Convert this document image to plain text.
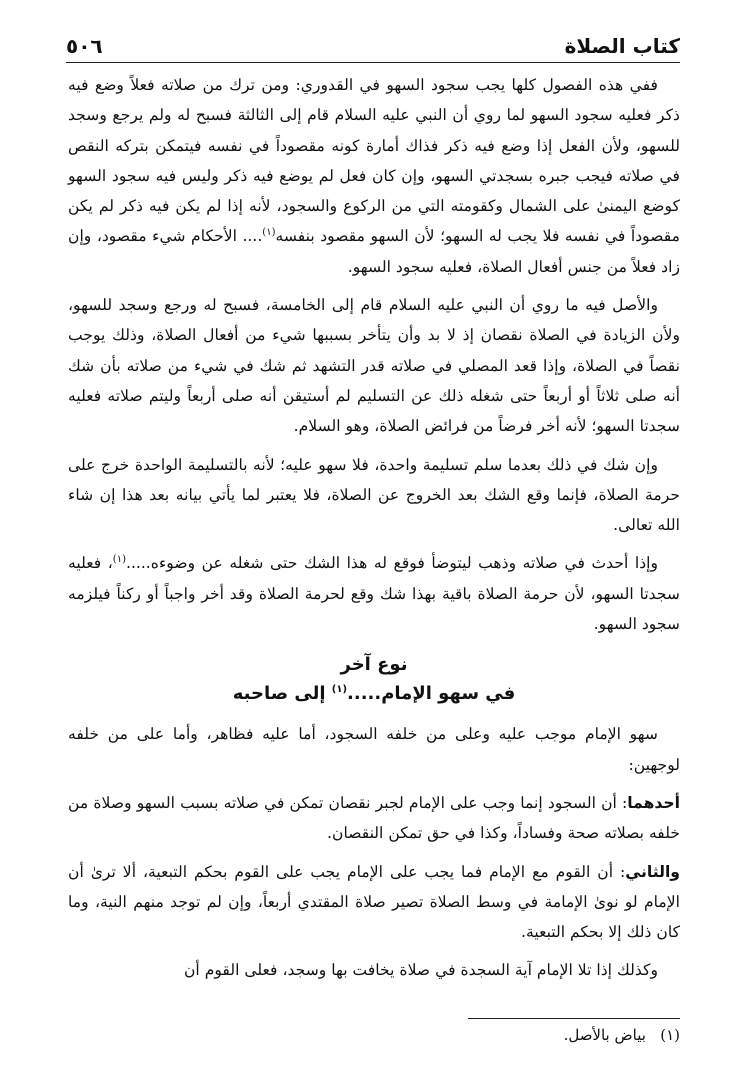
كتاب الصلاة
٥٠٦

ففي هذه الفصول كلها يجب سجود السهو في القدوري: ومن ترك من صلاته فعلاً وضع فيه ذكر فعليه سجود السهو لما روي أن النبي عليه السلام قام إلى الثالثة فسبح له ولم يرجع وسجد للسهو، ولأن الفعل إذا وضع فيه ذكر فذاك أمارة كونه مقصوداً في نفسه فيتمكن بتركه النقص في صلاته فيجب جبره بسجدتي السهو، وإن كان فعل لم يوضع فيه ذكر وليس فيه سجود السهو كوضع اليمنىٰ على الشمال وكقومته التي من الركوع والسجود، لأنه إذا لم يكن فيه ذكر لم يكن مقصوداً في نفسه فلا يجب له السهو؛ لأن السهو مقصود بنفسه$^{(١)}$.... الأحكام شيء مقصود، وإن زاد فعلاً من جنس أفعال الصلاة، فعليه سجود السهو.

والأصل فيه ما روي أن النبي عليه السلام قام إلى الخامسة، فسبح له ورجع وسجد للسهو، ولأن الزيادة في الصلاة نقصان إذ لا بد وأن يتأخر بسببها شيء من أفعال الصلاة، وذلك يوجب نقصاً في الصلاة، وإذا قعد المصلي في صلاته قدر التشهد ثم شك في شيء من صلاته بأن شك أنه صلى ثلاثاً أو أربعاً حتى شغله ذلك عن التسليم لم أستيقن أنه صلى أربعاً وليتم صلاته فعليه سجدتا السهو؛ لأنه أخر فرضاً من فرائض الصلاة، وهو السلام.

وإن شك في ذلك بعدما سلم تسليمة واحدة، فلا سهو عليه؛ لأنه بالتسليمة الواحدة خرج على حرمة الصلاة، فإنما وقع الشك بعد الخروج عن الصلاة، فلا يعتبر لما يأتي بيانه بعد هذا إن شاء الله تعالى.

وإذا أحدث في صلاته وذهب ليتوضأ فوقع له هذا الشك حتى شغله عن وضوءه.....$^{(١)}$، فعليه سجدتا السهو، لأن حرمة الصلاة باقية بهذا شك وقع لحرمة الصلاة وقد أخر واجباً أو ركناً فيلزمه سجود السهو.

نوع آخر
في سهو الإمام.....$^{(١)}$ إلى صاحبه

سهو الإمام موجب عليه وعلى من خلفه السجود، أما عليه فظاهر، وأما على من خلفه لوجهين:

أحدهما: أن السجود إنما وجب على الإمام لجبر نقصان تمكن في صلاته بسبب السهو وصلاة من خلفه بصلاته صحة وفساداً، وكذا في حق تمكن النقصان.

والثاني: أن القوم مع الإمام فما يجب على الإمام يجب على القوم بحكم التبعية، ألا ترىٰ أن الإمام لو نوىٰ الإمامة في وسط الصلاة تصير صلاة المقتدي أربعاً، وإن لم توجد منهم النية، وما كان ذلك إلا بحكم التبعية.

وكذلك إذا تلا الإمام آية السجدة في صلاة يخافت بها وسجد، فعلى القوم أن

(١)   بياض بالأصل.
